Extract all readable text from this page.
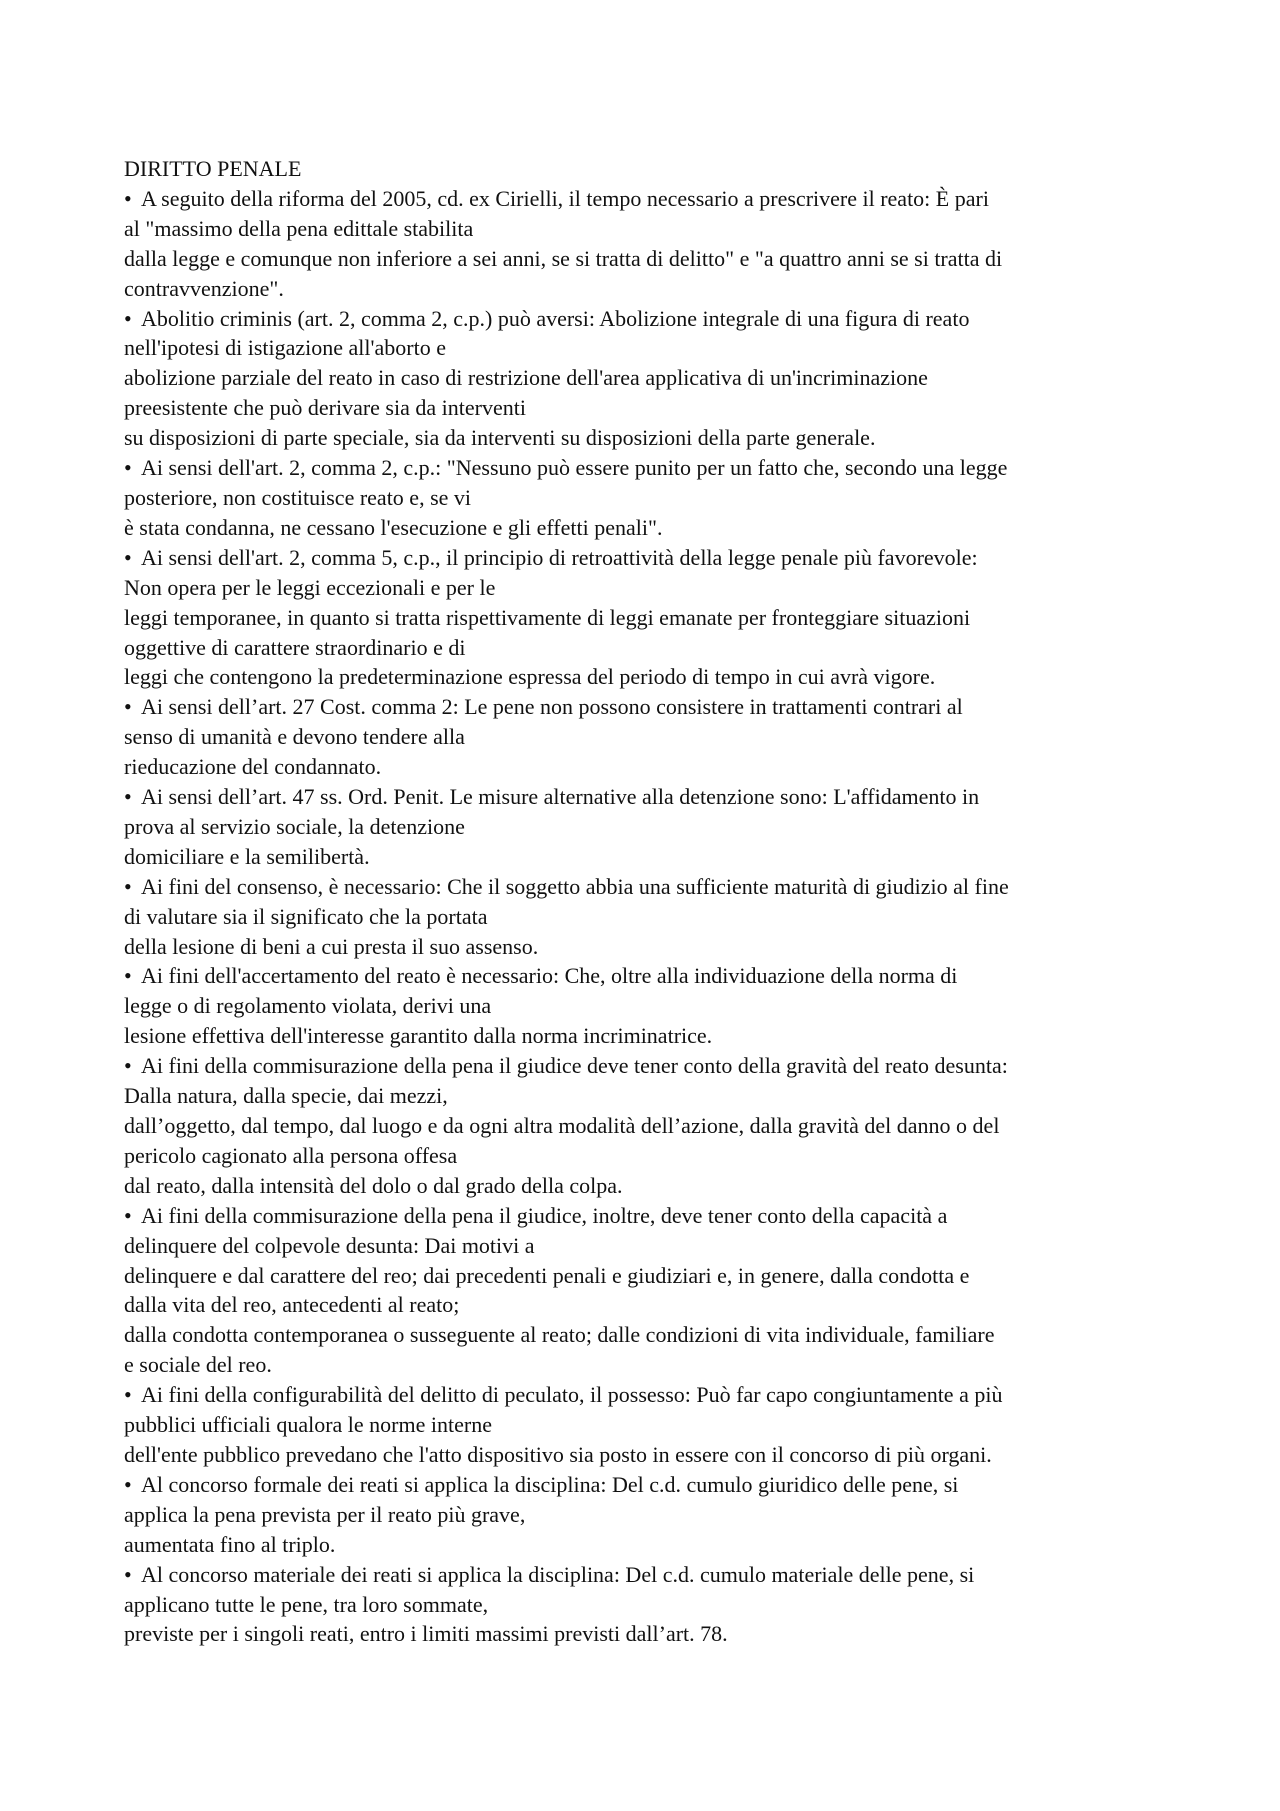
DIRITTO PENALE
• A seguito della riforma del 2005, cd. ex Cirielli, il tempo necessario a prescrivere il reato: È pari
al "massimo della pena edittale stabilita
dalla legge e comunque non inferiore a sei anni, se si tratta di delitto" e "a quattro anni se si tratta di
contravvenzione".
• Abolitio criminis (art. 2, comma 2, c.p.) può aversi: Abolizione integrale di una figura di reato
nell'ipotesi di istigazione all'aborto e
abolizione parziale del reato in caso di restrizione dell'area applicativa di un'incriminazione
preesistente che può derivare sia da interventi
su disposizioni di parte speciale, sia da interventi su disposizioni della parte generale.
• Ai sensi dell'art. 2, comma 2, c.p.: "Nessuno può essere punito per un fatto che, secondo una legge
posteriore, non costituisce reato e, se vi
è stata condanna, ne cessano l'esecuzione e gli effetti penali".
• Ai sensi dell'art. 2, comma 5, c.p., il principio di retroattività della legge penale più favorevole:
Non opera per le leggi eccezionali e per le
leggi temporanee, in quanto si tratta rispettivamente di leggi emanate per fronteggiare situazioni
oggettive di carattere straordinario e di
leggi che contengono la predeterminazione espressa del periodo di tempo in cui avrà vigore.
• Ai sensi dell’art. 27 Cost. comma 2: Le pene non possono consistere in trattamenti contrari al
senso di umanità e devono tendere alla
rieducazione del condannato.
• Ai sensi dell’art. 47 ss. Ord. Penit. Le misure alternative alla detenzione sono: L'affidamento in
prova al servizio sociale, la detenzione
domiciliare e la semilibertà.
• Ai fini del consenso, è necessario: Che il soggetto abbia una sufficiente maturità di giudizio al fine
di valutare sia il significato che la portata
della lesione di beni a cui presta il suo assenso.
• Ai fini dell'accertamento del reato è necessario: Che, oltre alla individuazione della norma di
legge o di regolamento violata, derivi una
lesione effettiva dell'interesse garantito dalla norma incriminatrice.
• Ai fini della commisurazione della pena il giudice deve tener conto della gravità del reato desunta:
Dalla natura, dalla specie, dai mezzi,
dall’oggetto, dal tempo, dal luogo e da ogni altra modalità dell’azione, dalla gravità del danno o del
pericolo cagionato alla persona offesa
dal reato, dalla intensità del dolo o dal grado della colpa.
• Ai fini della commisurazione della pena il giudice, inoltre, deve tener conto della capacità a
delinquere del colpevole desunta: Dai motivi a
delinquere e dal carattere del reo; dai precedenti penali e giudiziari e, in genere, dalla condotta e
dalla vita del reo, antecedenti al reato;
dalla condotta contemporanea o susseguente al reato; dalle condizioni di vita individuale, familiare
e sociale del reo.
• Ai fini della configurabilità del delitto di peculato, il possesso: Può far capo congiuntamente a più
pubblici ufficiali qualora le norme interne
dell'ente pubblico prevedano che l'atto dispositivo sia posto in essere con il concorso di più organi.
• Al concorso formale dei reati si applica la disciplina: Del c.d. cumulo giuridico delle pene, si
applica la pena prevista per il reato più grave,
aumentata fino al triplo.
• Al concorso materiale dei reati si applica la disciplina: Del c.d. cumulo materiale delle pene, si
applicano tutte le pene, tra loro sommate,
previste per i singoli reati, entro i limiti massimi previsti dall’art. 78.
